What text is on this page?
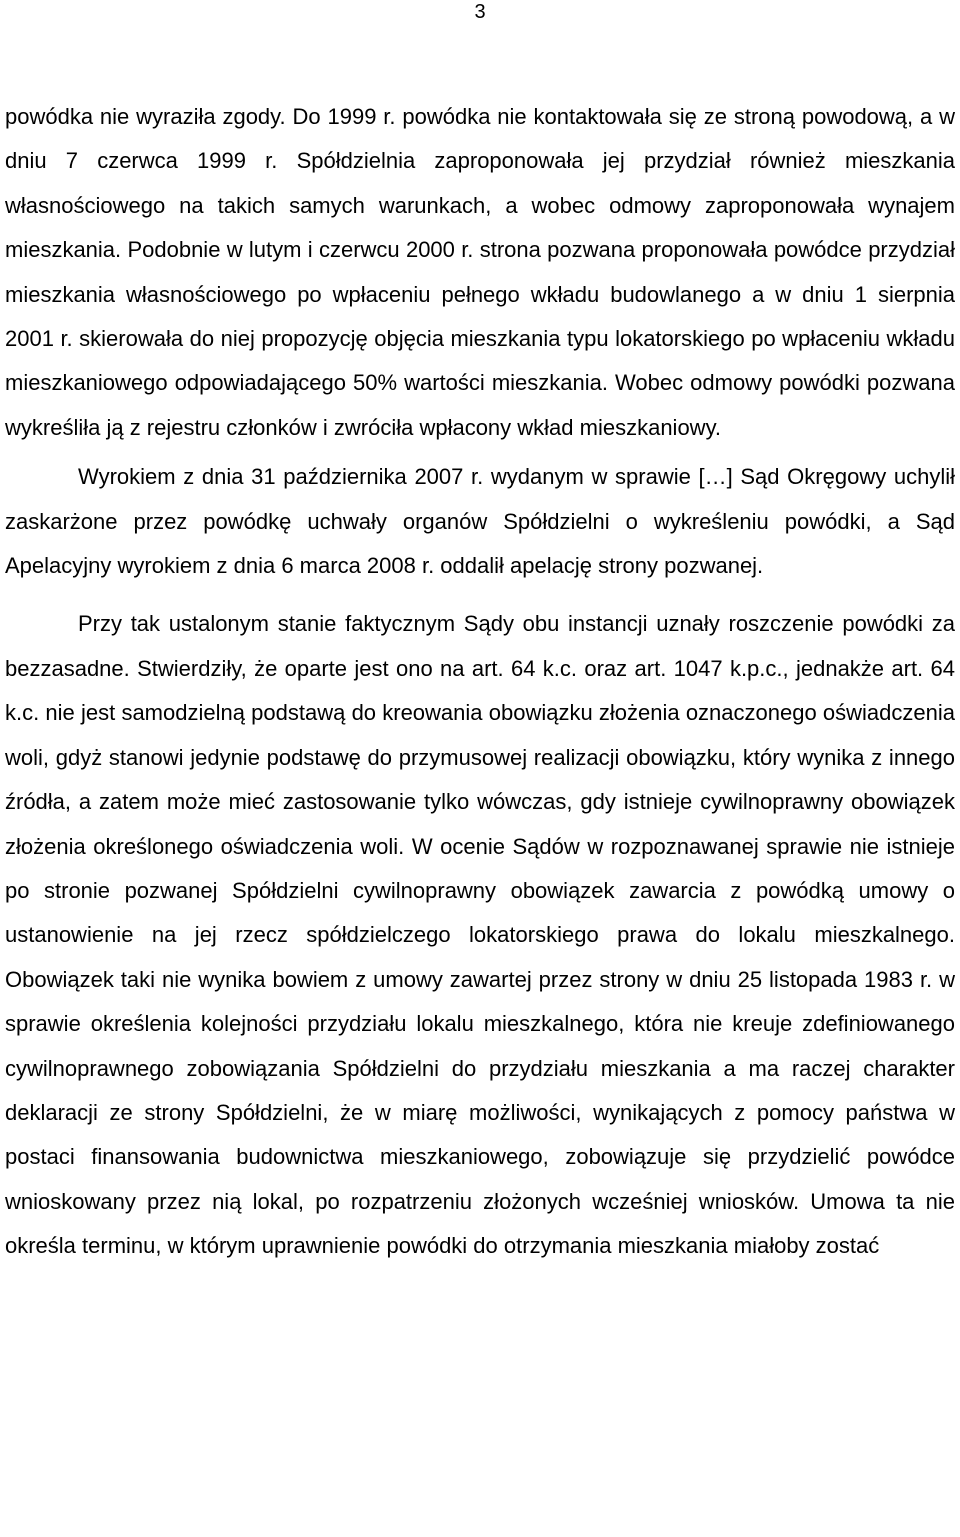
3

powódka nie wyraziła zgody. Do 1999 r. powódka nie kontaktowała się ze stroną powodową, a w dniu 7 czerwca 1999 r. Spółdzielnia zaproponowała jej przydział również mieszkania własnościowego na takich samych warunkach, a wobec odmowy zaproponowała wynajem mieszkania. Podobnie w lutym i czerwcu 2000 r. strona pozwana proponowała powódce przydział mieszkania własnościowego po wpłaceniu pełnego wkładu budowlanego a w dniu 1 sierpnia 2001 r. skierowała do niej propozycję objęcia mieszkania typu lokatorskiego po wpłaceniu wkładu mieszkaniowego odpowiadającego 50% wartości mieszkania. Wobec odmowy powódki pozwana wykreśliła ją z rejestru członków i zwróciła wpłacony wkład mieszkaniowy.

Wyrokiem z dnia 31 października 2007 r. wydanym w sprawie […] Sąd Okręgowy uchylił zaskarżone przez powódkę uchwały organów Spółdzielni o wykreśleniu powódki, a Sąd Apelacyjny wyrokiem z dnia 6 marca 2008 r. oddalił apelację strony pozwanej.

Przy tak ustalonym stanie faktycznym Sądy obu instancji uznały roszczenie powódki za bezzasadne. Stwierdziły, że oparte jest ono na art. 64 k.c. oraz art. 1047 k.p.c., jednakże art. 64 k.c. nie jest samodzielną podstawą do kreowania obowiązku złożenia oznaczonego oświadczenia woli, gdyż stanowi jedynie podstawę do przymusowej realizacji obowiązku, który wynika z innego źródła, a zatem może mieć zastosowanie tylko wówczas, gdy istnieje cywilnoprawny obowiązek złożenia określonego oświadczenia woli. W ocenie Sądów w rozpoznawanej sprawie nie istnieje po stronie pozwanej Spółdzielni cywilnoprawny obowiązek zawarcia z powódką umowy o ustanowienie na jej rzecz spółdzielczego lokatorskiego prawa do lokalu mieszkalnego. Obowiązek taki nie wynika bowiem z umowy zawartej przez strony w dniu 25 listopada 1983 r. w sprawie określenia kolejności przydziału lokalu mieszkalnego, która nie kreuje zdefiniowanego cywilnoprawnego zobowiązania Spółdzielni do przydziału mieszkania a ma raczej charakter deklaracji ze strony Spółdzielni, że w miarę możliwości, wynikających z pomocy państwa w postaci finansowania budownictwa mieszkaniowego, zobowiązuje się przydzielić powódce wnioskowany przez nią lokal, po rozpatrzeniu złożonych wcześniej wniosków. Umowa ta nie określa terminu, w którym uprawnienie powódki do otrzymania mieszkania miałoby zostać
